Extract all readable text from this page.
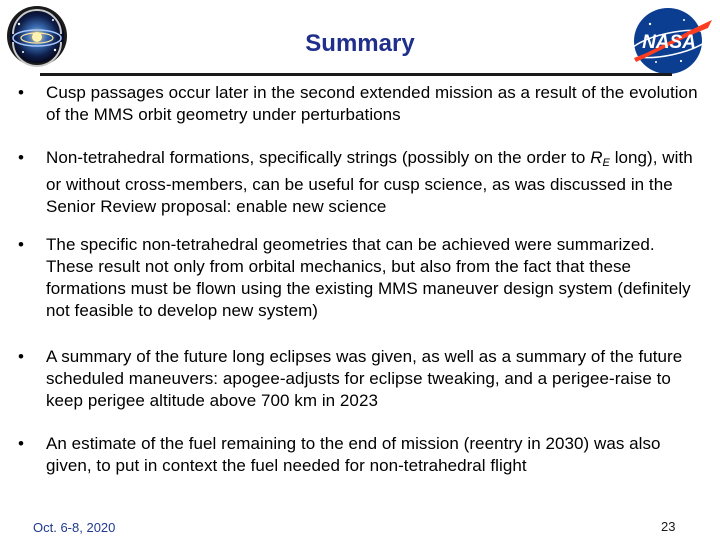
NASA
Summary
•	Cusp passages occur later in the second extended mission as a result of the evolution of the MMS orbit geometry under perturbations
•	Non-tetrahedral formations, specifically strings (possibly on the order to $R_E$ long), with or without cross-members, can be useful for cusp science, as was discussed in the Senior Review proposal: enable new science
•	The specific non-tetrahedral geometries that can be achieved were summarized. These result not only from orbital mechanics, but also from the fact that these formations must be flown using the existing MMS maneuver design system (definitely not feasible to develop new system)
•	A summary of the future long eclipses was given, as well as a summary of the future scheduled maneuvers: apogee-adjusts for eclipse tweaking, and a perigee-raise to keep perigee altitude above 700 km in 2023
•	An estimate of the fuel remaining to the end of mission (reentry in 2030) was also given, to put in context the fuel needed for non-tetrahedral flight
Oct. 6-8, 2020	23
